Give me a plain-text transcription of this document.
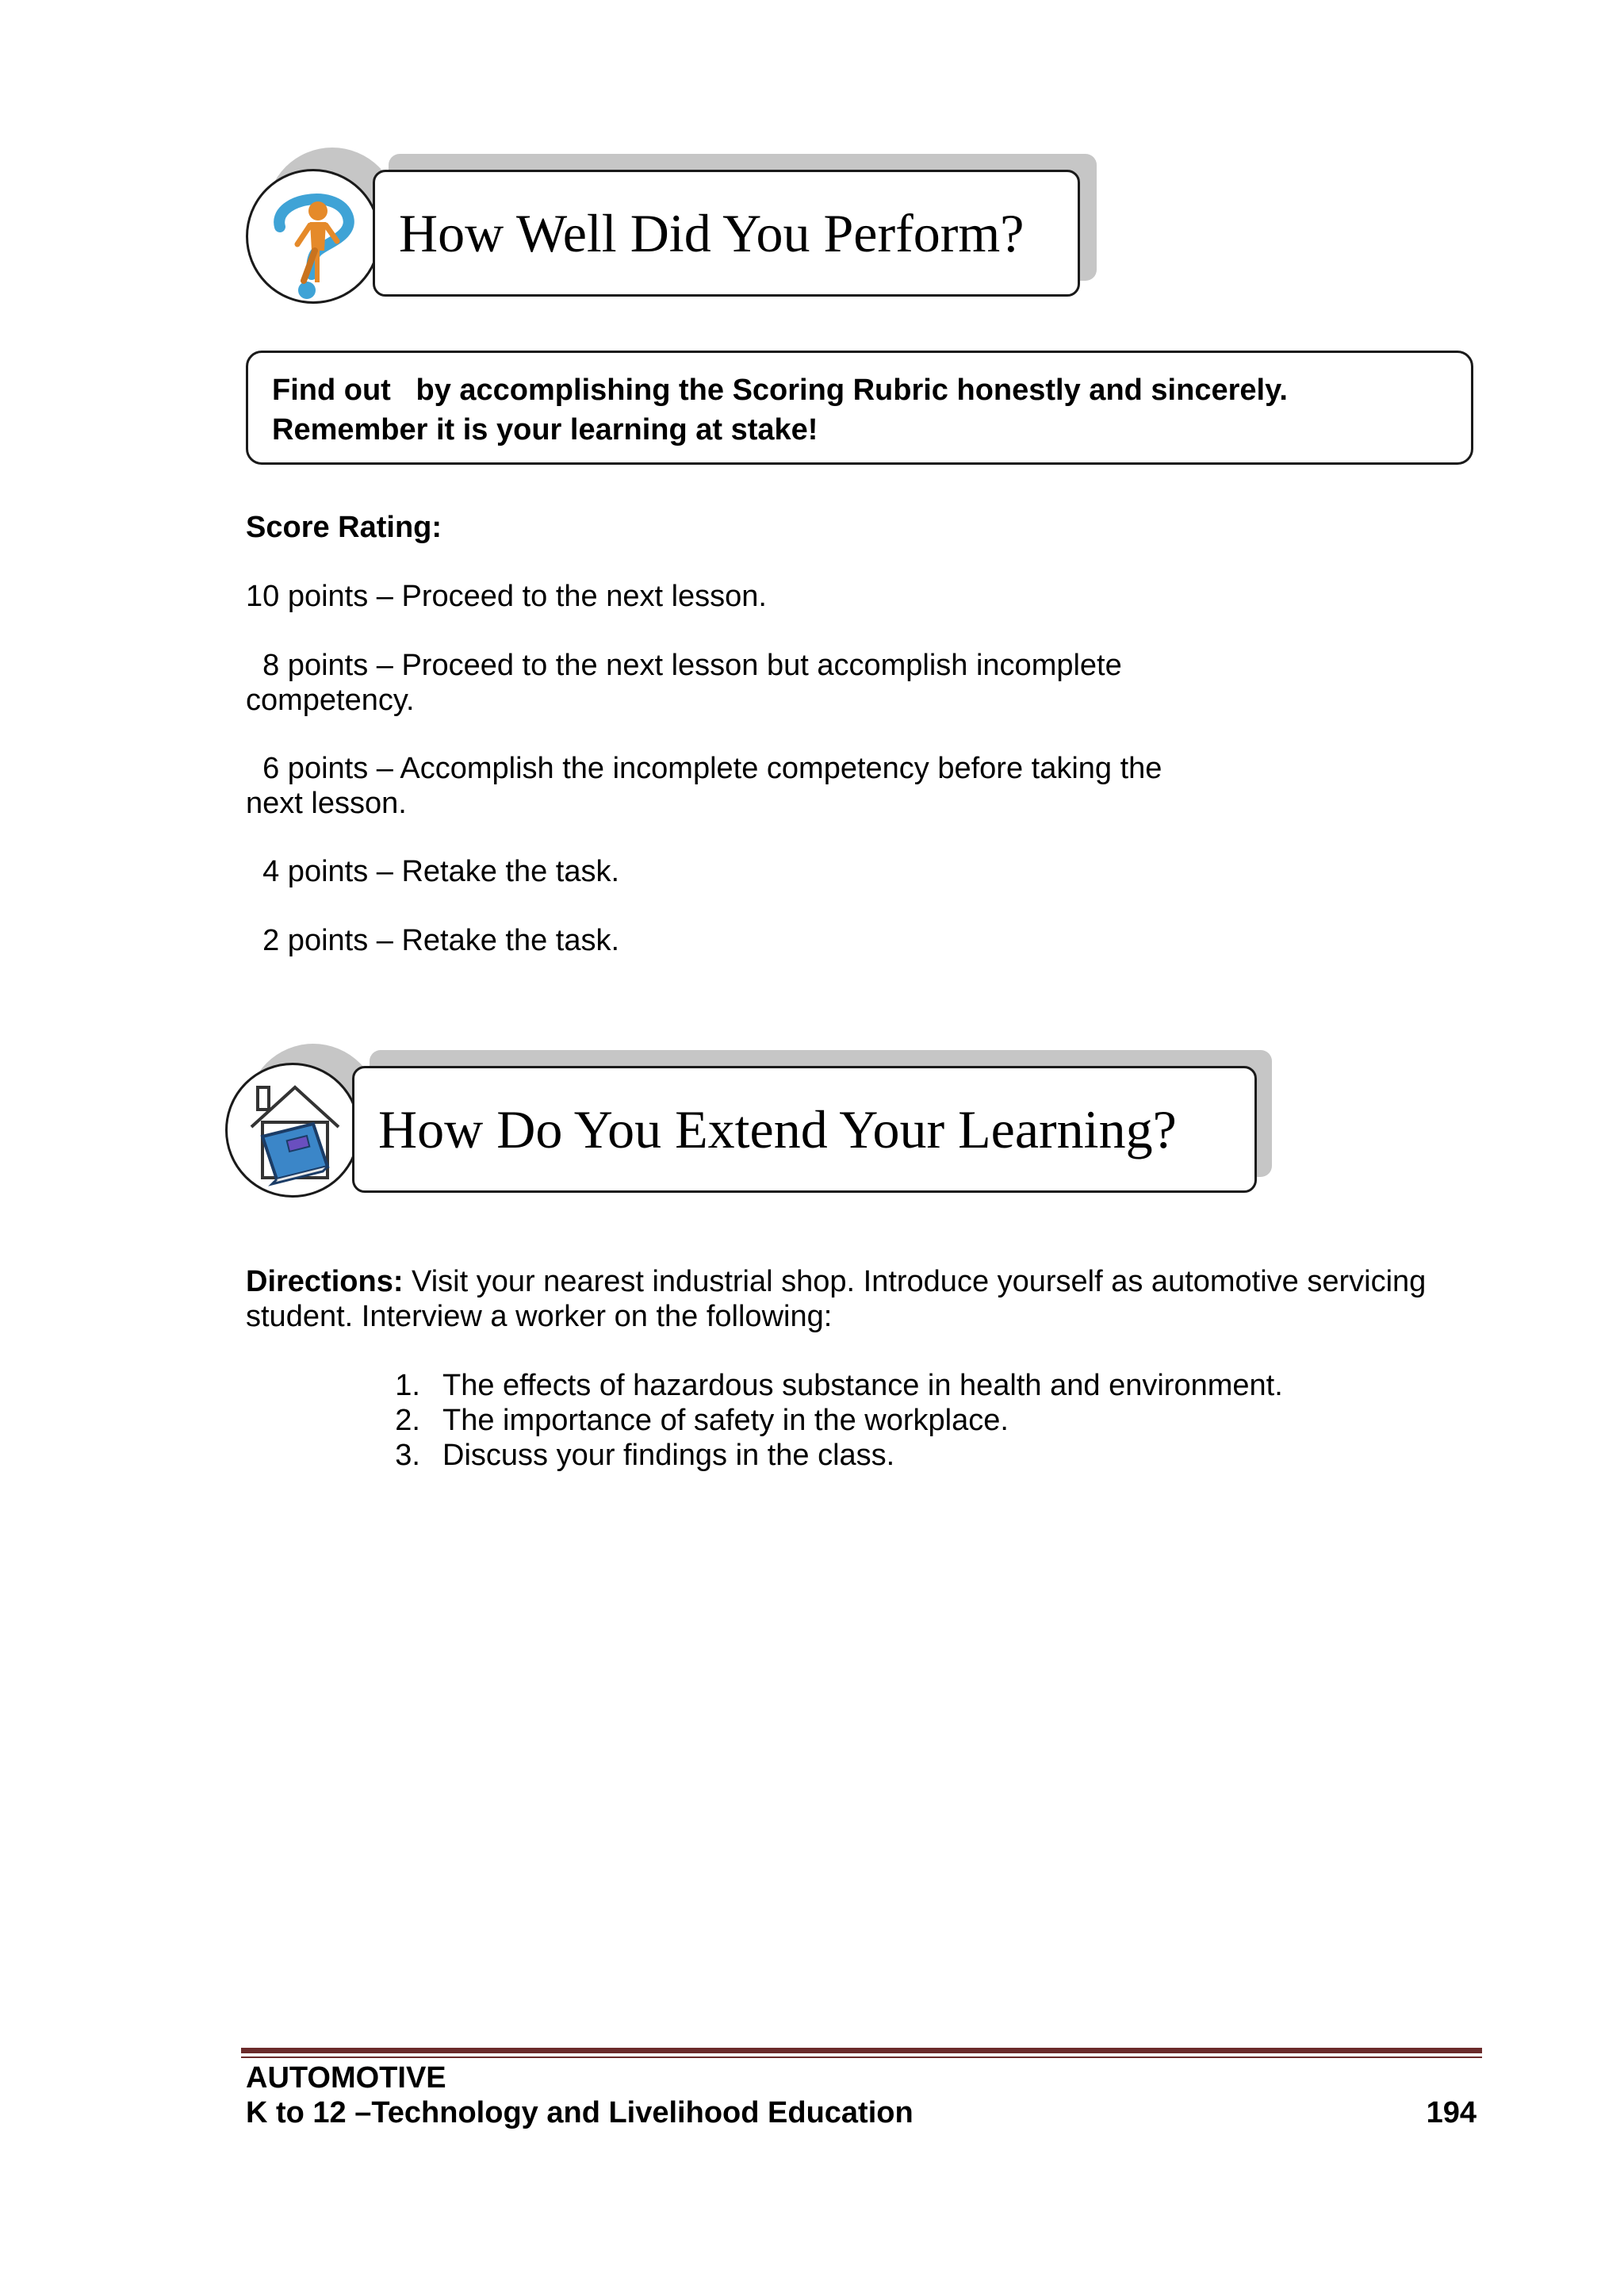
How Well Did You Perform?
Find out   by accomplishing the Scoring Rubric honestly and sincerely.
Remember it is your learning at stake!
Score Rating:
10 points – Proceed to the next lesson.
8 points – Proceed to the next lesson but accomplish incomplete
competency.
6 points – Accomplish the incomplete competency before taking the
next lesson.
4 points – Retake the task.
2 points – Retake the task.
How Do You Extend Your Learning?
Directions: Visit your nearest industrial shop. Introduce yourself as automotive servicing
student. Interview a worker on the following:
1. The effects of hazardous substance in health and environment.
2. The importance of safety in the workplace.
3. Discuss your findings in the class.
AUTOMOTIVE
K to 12 –Technology and Livelihood Education	194
